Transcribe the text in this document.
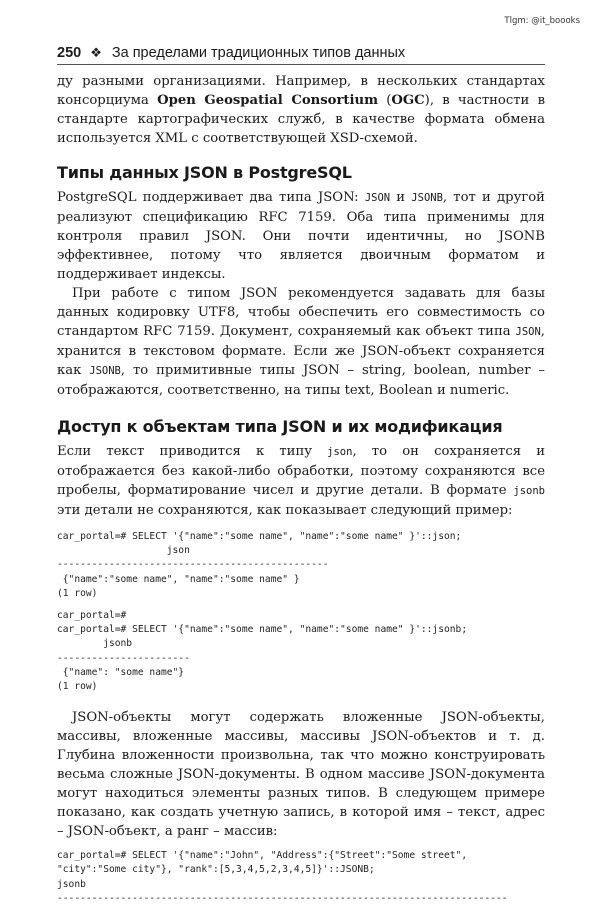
Tlgm: @it_boooks
250 ❖ За пределами традиционных типов данных

ду разными организациями. Например, в нескольких стандартах консорциума Open Geospatial Consortium (OGC), в частности в стандарте картографических служб, в качестве формата обмена используется XML с соответствующей XSD-схемой.

Типы данных JSON в PostgreSQL

PostgreSQL поддерживает два типа JSON: JSON и JSONB, тот и другой реализуют спецификацию RFC 7159. Оба типа применимы для контроля правил JSON. Они почти идентичны, но JSONB эффективнее, потому что является двоичным форматом и поддерживает индексы.

При работе с типом JSON рекомендуется задавать для базы данных кодировку UTF8, чтобы обеспечить его совместимость со стандартом RFC 7159. Документ, сохраняемый как объект типа JSON, хранится в текстовом формате. Если же JSON-объект сохраняется как JSONB, то примитивные типы JSON – string, boolean, number – отображаются, соответственно, на типы text, Boolean и numeric.

Доступ к объектам типа JSON и их модификация

Если текст приводится к типу json, то он сохраняется и отображается без какой-либо обработки, поэтому сохраняются все пробелы, форматирование чисел и другие детали. В формате jsonb эти детали не сохраняются, как показывает следующий пример:

car_portal=# SELECT '{"name":"some name", "name":"some name" }'::json;
json
-----------------------------------------------
{"name":"some name", "name":"some name" }
(1 row)
car_portal=#
car_portal=# SELECT '{"name":"some name", "name":"some name" }'::jsonb;
jsonb
-----------------------
{"name": "some name"}
(1 row)

JSON-объекты могут содержать вложенные JSON-объекты, массивы, вложенные массивы, массивы JSON-объектов и т. д. Глубина вложенности произвольна, так что можно конструировать весьма сложные JSON-документы. В одном массиве JSON-документа могут находиться элементы разных типов. В следующем примере показано, как создать учетную запись, в которой имя – текст, адрес – JSON-объект, а ранг – массив:

car_portal=# SELECT '{"name":"John", "Address":{"Street":"Some street",
"city":"Some city"}, "rank":[5,3,4,5,2,3,4,5]}'::JSONB;
jsonb
------------------------------------------------------------------------------
